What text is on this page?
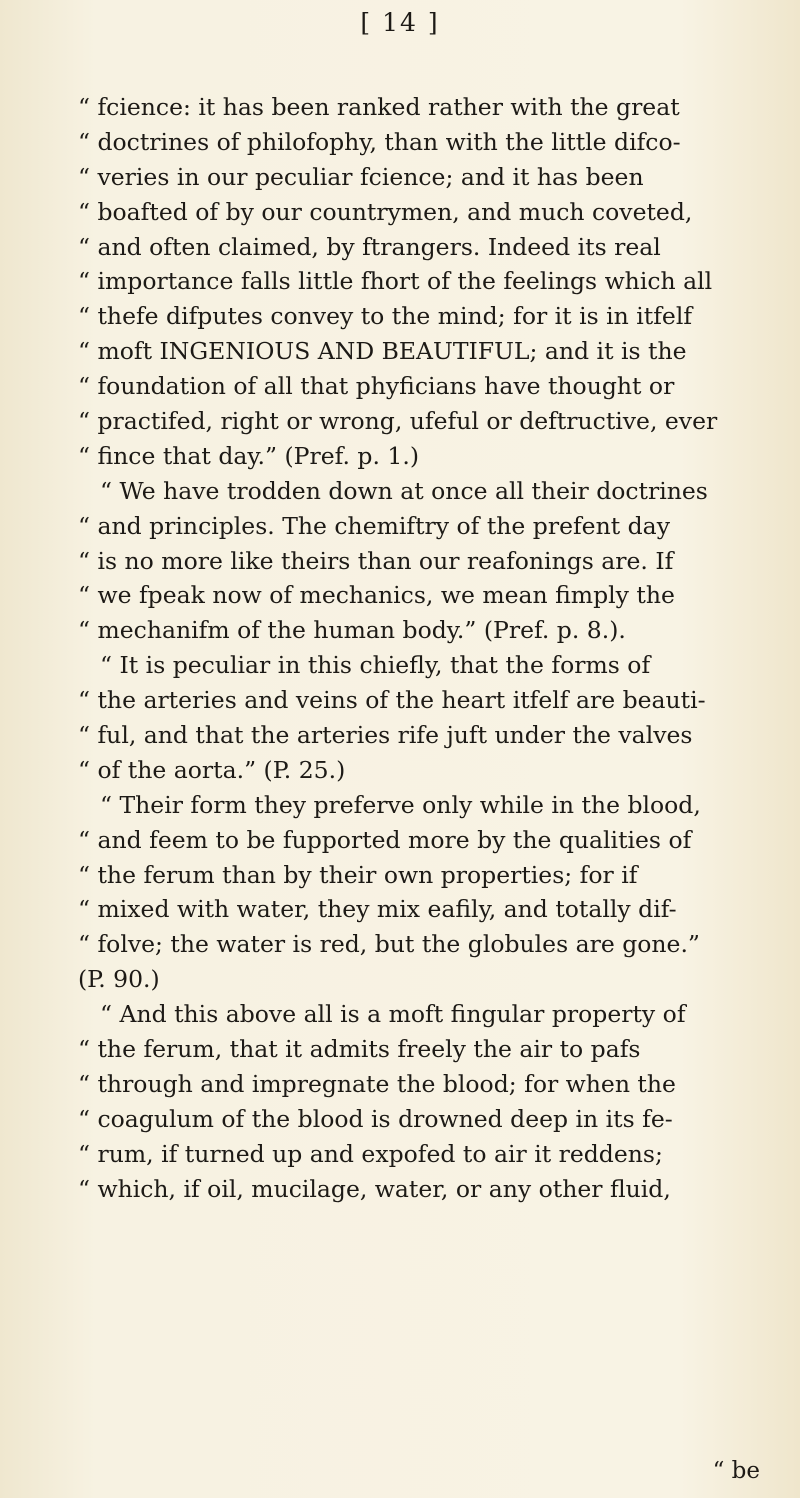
[ 14 ]
“ fcience: it has been ranked rather with the great
“ doctrines of philofophy, than with the little difco-
“ veries in our peculiar fcience; and it has been
“ boafted of by our countrymen, and much coveted,
“ and often claimed, by ftrangers. Indeed its real
“ importance falls little fhort of the feelings which all
“ thefe difputes convey to the mind; for it is in itfelf
“ moft INGENIOUS AND BEAUTIFUL; and it is the
“ foundation of all that phyficians have thought or
“ practifed, right or wrong, ufeful or deftructive, ever
“ fince that day.” (Pref. p. 1.)
“ We have trodden down at once all their doctrines
“ and principles. The chemiftry of the prefent day
“ is no more like theirs than our reafonings are. If
“ we fpeak now of mechanics, we mean fimply the
“ mechanifm of the human body.” (Pref. p. 8.).
“ It is peculiar in this chiefly, that the forms of
“ the arteries and veins of the heart itfelf are beauti-
“ ful, and that the arteries rife juft under the valves
“ of the aorta.” (P. 25.)
“ Their form they preferve only while in the blood,
“ and feem to be fupported more by the qualities of
“ the ferum than by their own properties; for if
“ mixed with water, they mix eafily, and totally dif-
“ folve; the water is red, but the globules are gone.”
(P. 90.)
“ And this above all is a moft fingular property of
“ the ferum, that it admits freely the air to pafs
“ through and impregnate the blood; for when the
“ coagulum of the blood is drowned deep in its fe-
“ rum, if turned up and expofed to air it reddens;
“ which, if oil, mucilage, water, or any other fluid,
“ be
